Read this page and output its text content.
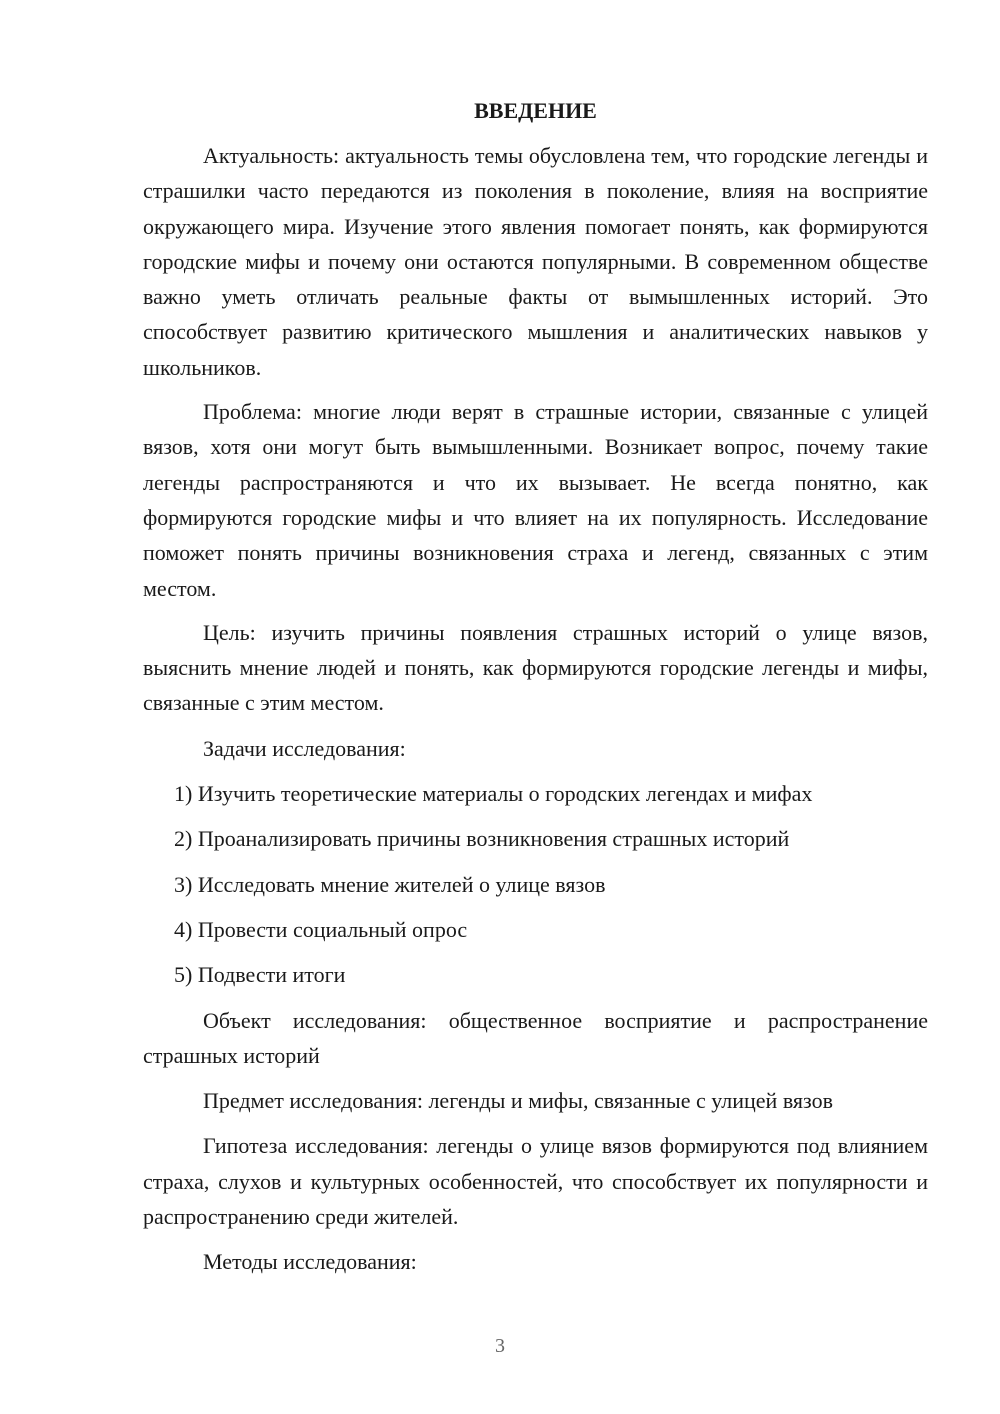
ВВЕДЕНИЕ

Актуальность: актуальность темы обусловлена тем, что городские легенды и страшилки часто передаются из поколения в поколение, влияя на восприятие окружающего мира. Изучение этого явления помогает понять, как формируются городские мифы и почему они остаются популярными. В современном обществе важно уметь отличать реальные факты от вымышленных историй. Это способствует развитию критического мышления и аналитических навыков у школьников.

Проблема: многие люди верят в страшные истории, связанные с улицей вязов, хотя они могут быть вымышленными. Возникает вопрос, почему такие легенды распространяются и что их вызывает. Не всегда понятно, как формируются городские мифы и что влияет на их популярность. Исследование поможет понять причины возникновения страха и легенд, связанных с этим местом.

Цель: изучить причины появления страшных историй о улице вязов, выяснить мнение людей и понять, как формируются городские легенды и мифы, связанные с этим местом.

Задачи исследования:

1) Изучить теоретические материалы о городских легендах и мифах
2) Проанализировать причины возникновения страшных историй
3) Исследовать мнение жителей о улице вязов
4) Провести социальный опрос
5) Подвести итоги

Объект исследования: общественное восприятие и распространение страшных историй

Предмет исследования: легенды и мифы, связанные с улицей вязов

Гипотеза исследования: легенды о улице вязов формируются под влиянием страха, слухов и культурных особенностей, что способствует их популярности и распространению среди жителей.

Методы исследования:

3
